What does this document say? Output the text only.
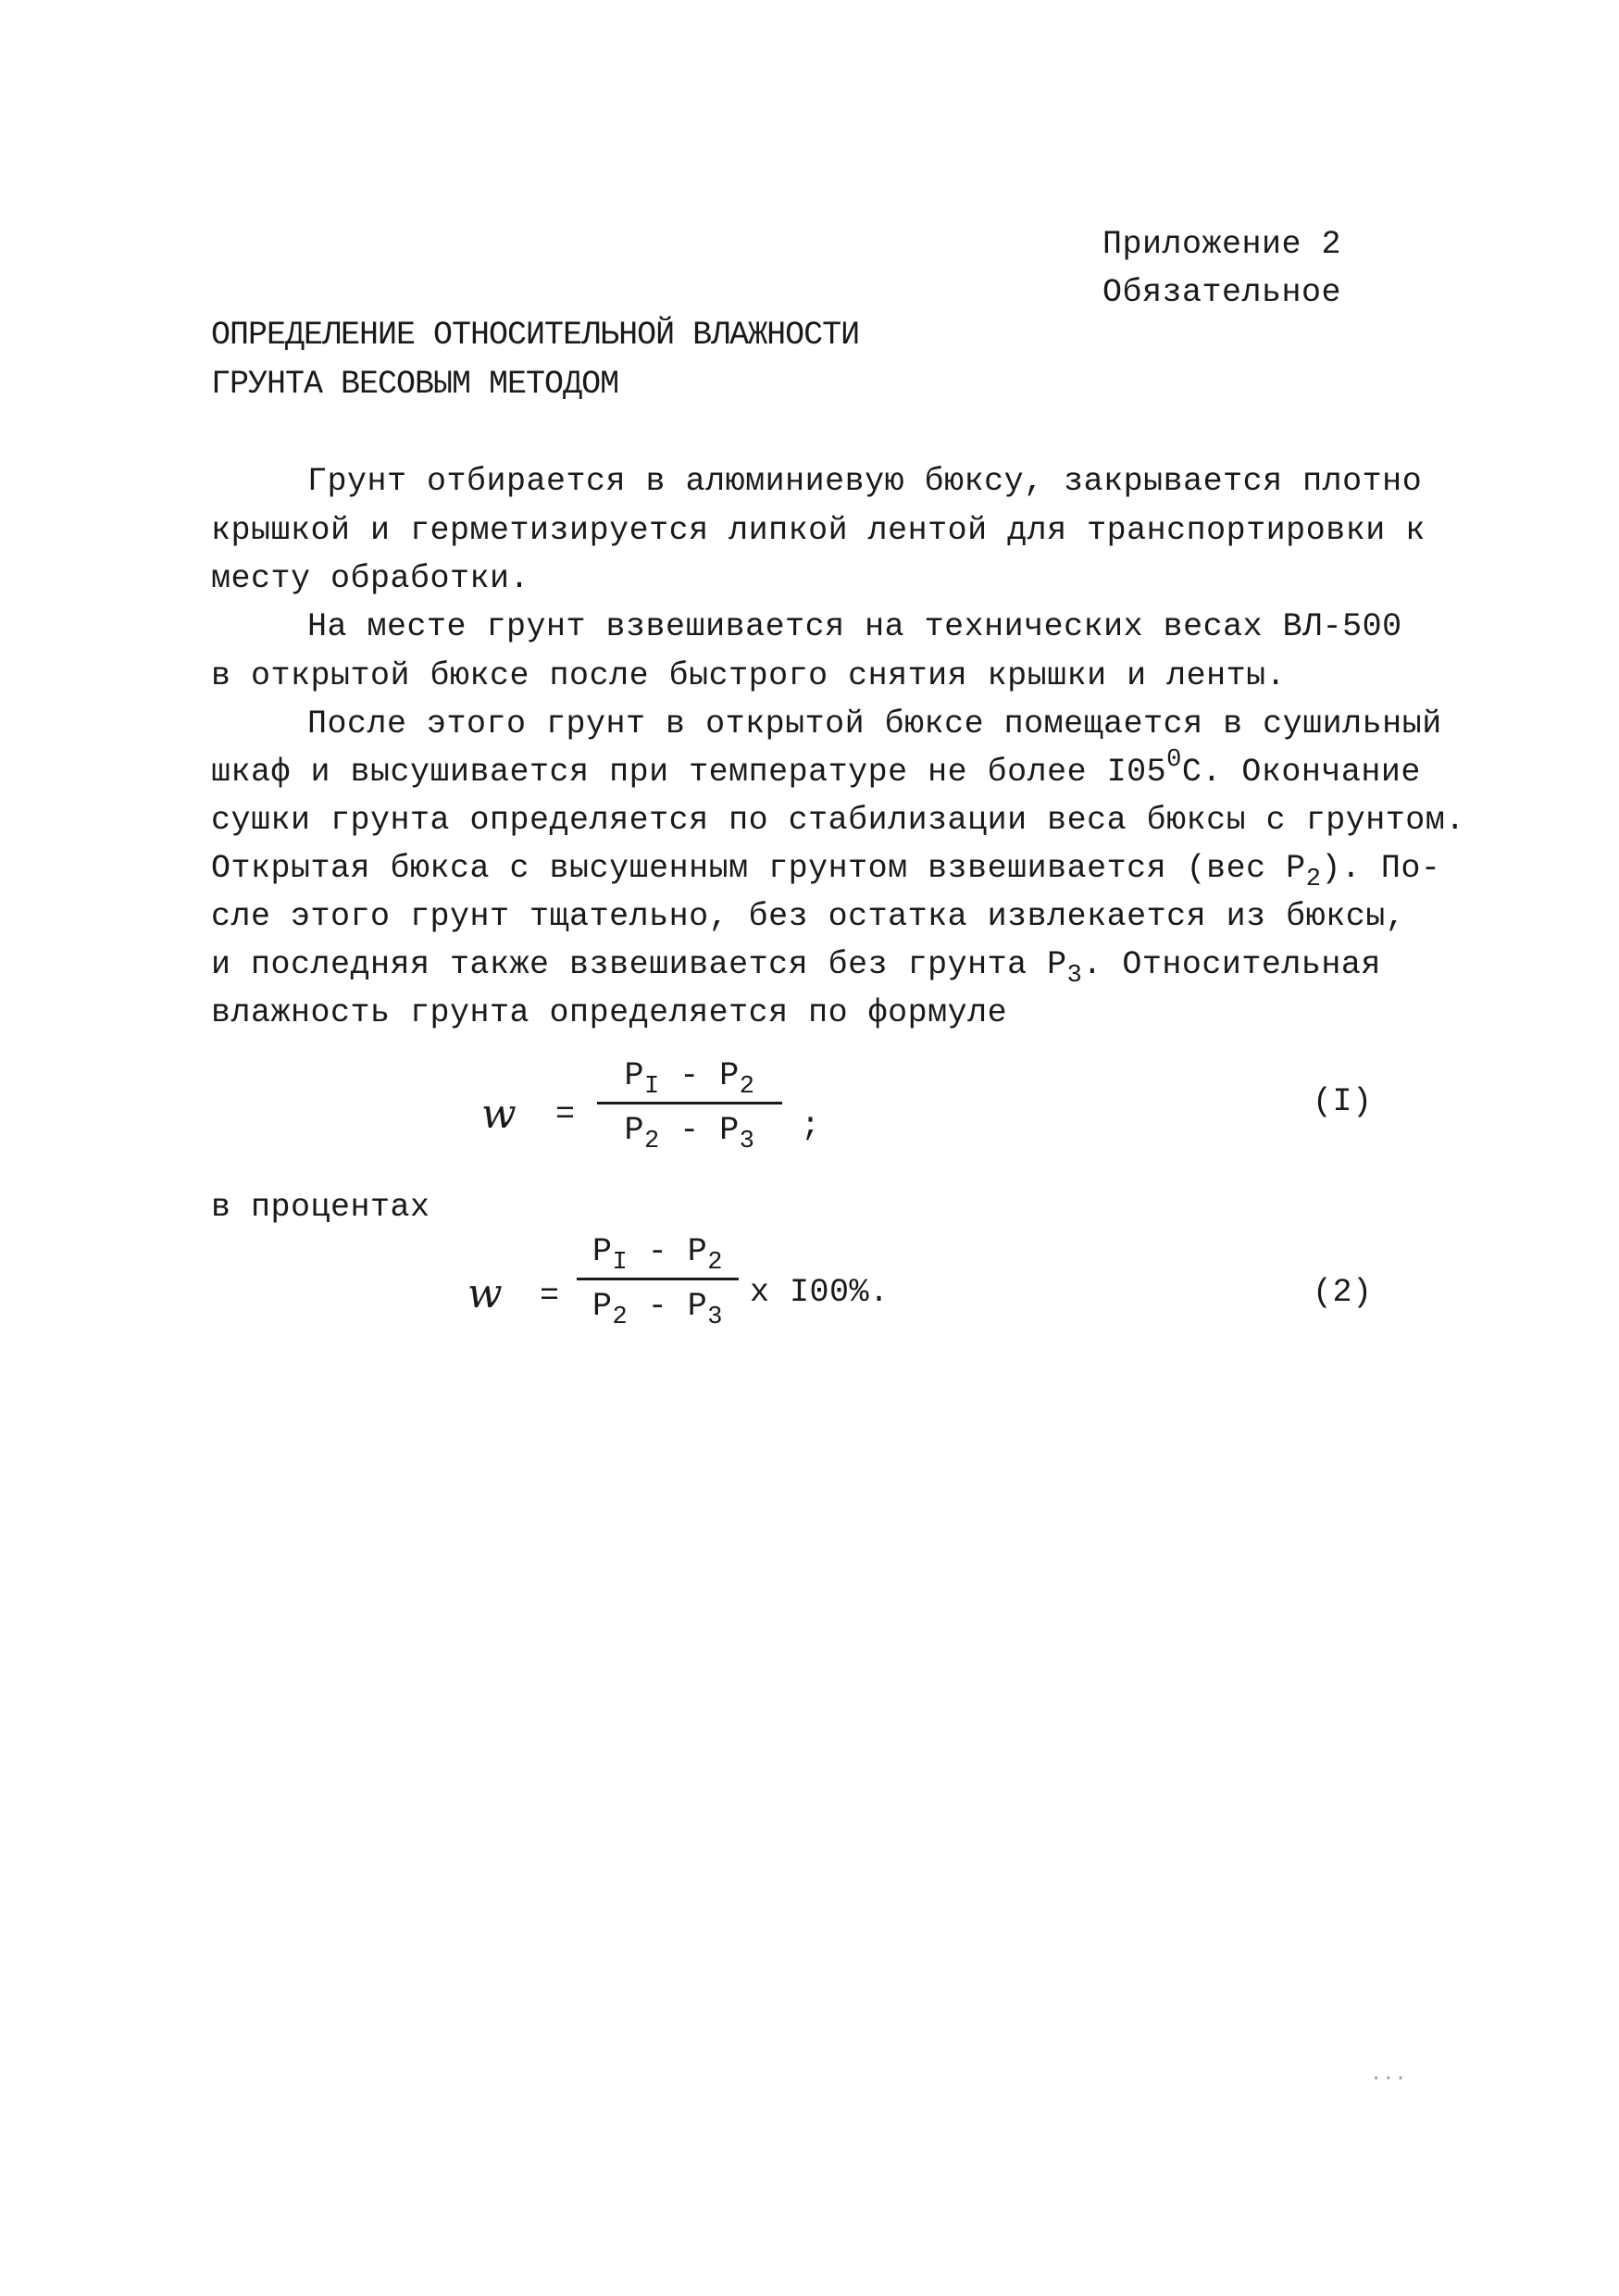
Приложение 2
Обязательное
ОПРЕДЕЛЕНИЕ ОТНОСИТЕЛЬНОЙ ВЛАЖНОСТИ
ГРУНТА ВЕСОВЫМ МЕТОДОМ
Грунт отбирается в алюминиевую бюксу, закрывается плотно
крышкой и герметизируется липкой лентой для транспортировки к
месту обработки.
На месте грунт взвешивается на технических весах ВЛ-500
в открытой бюксе после быстрого снятия крышки и ленты.
После этого грунт в открытой бюксе помещается в сушильный
шкаф и высушивается при температуре не более $I05^0С$. Окончание
сушки грунта определяется по стабилизации веса бюксы с грунтом.
Открытая бюкса с высушенным грунтом взвешивается (вес $Р_2$). По-
сле этого грунт тщательно, без остатка извлекается из бюксы,
и последняя также взвешивается без грунта $Р_3$. Относительная
влажность грунта определяется по формуле
w =
$P_I - P_2$
$P_2 - P_3$	;
(I)
в процентах
w =
$P_I - P_2$
$P_2 - P_3$
x I00%.	(2)
...
